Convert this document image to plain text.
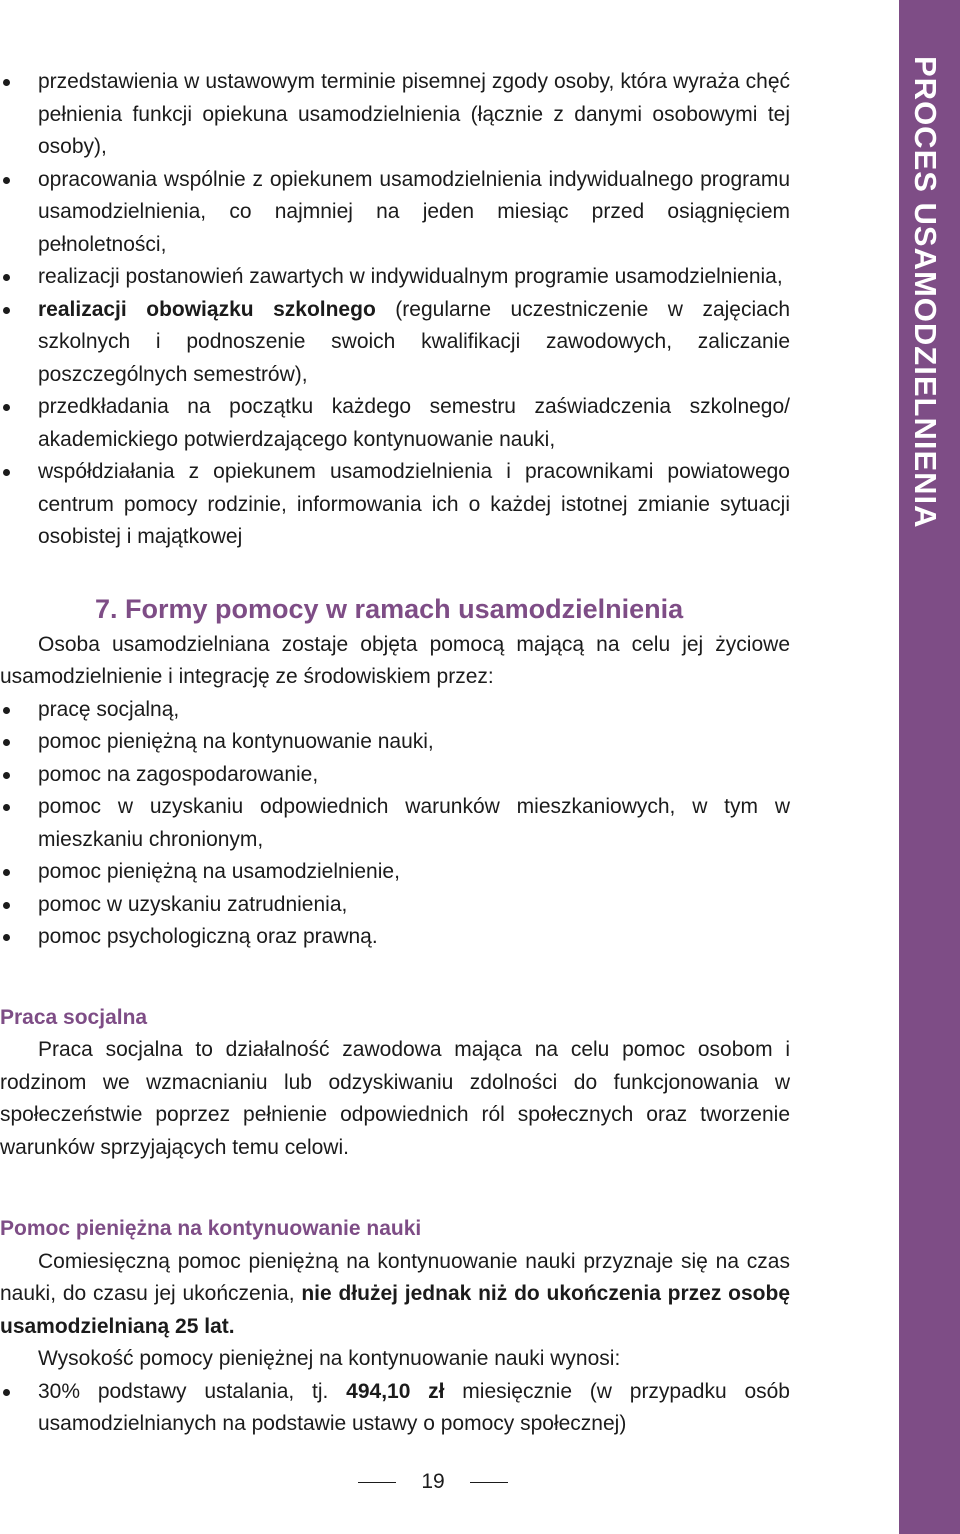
przedstawienia w ustawowym terminie pisemnej zgody osoby, która wyraża chęć pełnienia funkcji opiekuna usamodzielnienia (łącznie z danymi osobowymi tej osoby),
opracowania wspólnie z opiekunem usamodzielnienia indywidualnego programu usamodzielnienia, co najmniej na jeden miesiąc przed osiągnięciem pełnoletności,
realizacji postanowień zawartych w indywidualnym programie usamodzielnienia,
realizacji obowiązku szkolnego (regularne uczestniczenie w zajęciach szkolnych i podnoszenie swoich kwalifikacji zawodowych, zaliczanie poszczególnych semestrów),
przedkładania na początku każdego semestru zaświadczenia szkolnego/ akademickiego potwierdzającego kontynuowanie nauki,
współdziałania z opiekunem usamodzielnienia i pracownikami powiatowego centrum pomocy rodzinie, informowania ich o każdej istotnej zmianie sytuacji osobistej i majątkowej
7. Formy pomocy w ramach usamodzielnienia

Osoba usamodzielniana zostaje objęta pomocą mającą na celu jej życiowe usamodzielnienie i integrację ze środowiskiem przez:

pracę socjalną,
pomoc pieniężną na kontynuowanie nauki,
pomoc na zagospodarowanie,
pomoc w uzyskaniu odpowiednich warunków mieszkaniowych, w tym w mieszkaniu chronionym,
pomoc pieniężną na usamodzielnienie,
pomoc w uzyskaniu zatrudnienia,
pomoc psychologiczną oraz prawną.

Praca socjalna

Praca socjalna to działalność zawodowa mająca na celu pomoc osobom i rodzinom we wzmacnianiu lub odzyskiwaniu zdolności do funkcjonowania w społeczeństwie poprzez pełnienie odpowiednich ról społecznych oraz tworzenie warunków sprzyjających temu celowi.

Pomoc pieniężna na kontynuowanie nauki

Comiesięczną pomoc pieniężną na kontynuowanie nauki przyznaje się na czas nauki, do czasu jej ukończenia, nie dłużej jednak niż do ukończenia przez osobę usamodzielnianą 25 lat.

Wysokość pomocy pieniężnej na kontynuowanie nauki wynosi:

30% podstawy ustalania, tj. 494,10 zł miesięcznie (w przypadku osób usamodzielnianych na podstawie ustawy o pomocy społecznej)
PROCES USAMODZIELNIENIA
19
